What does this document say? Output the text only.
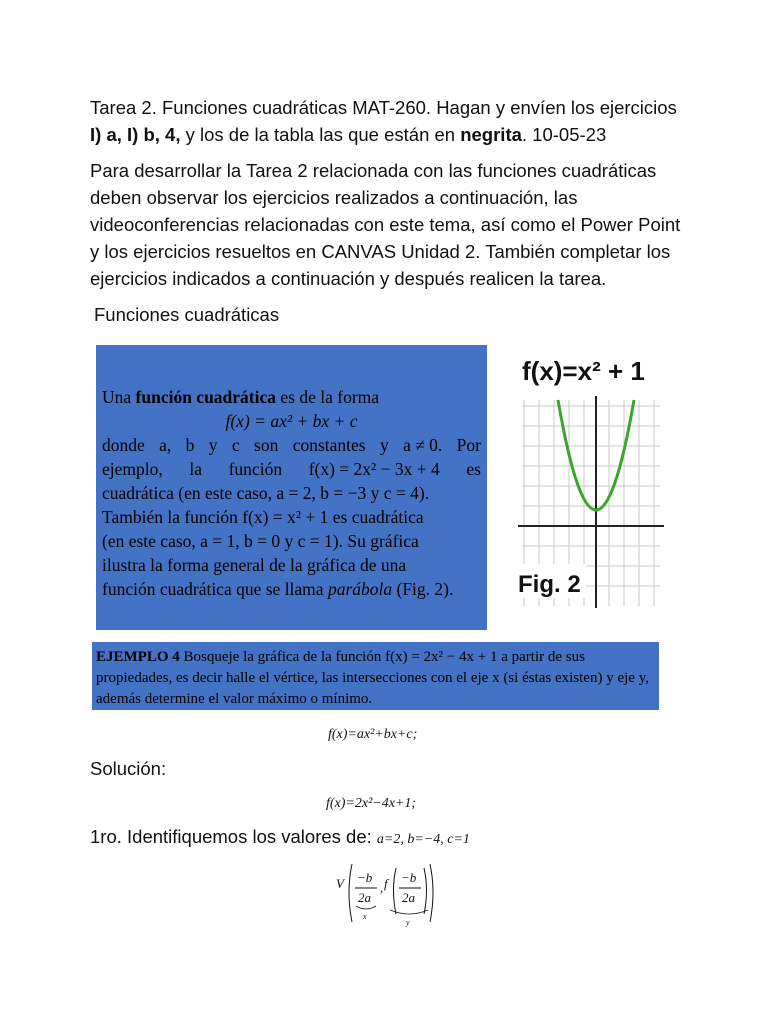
Tarea 2. Funciones cuadráticas MAT-260. Hagan y envíen los ejercicios
I) a, I) b, 4, y los de la tabla las que están en negrita. 10-05-23
Para desarrollar la Tarea 2 relacionada con las funciones cuadráticas deben observar los ejercicios realizados a continuación, las videoconferencias relacionadas con este tema, así como el Power Point y los ejercicios resueltos en CANVAS Unidad 2. También completar los ejercicios indicados a continuación y después realicen la tarea.
Funciones cuadráticas
Una función cuadrática es de la forma
f(x) = ax² + bx + c
donde a, b y c son constantes y a ≠ 0. Por
ejemplo, la función f(x) = 2x² − 3x + 4 es
cuadrática (en este caso, a = 2, b = −3 y c = 4).
También la función f(x) = x² + 1 es cuadrática
(en este caso, a = 1, b = 0 y c = 1). Su gráfica
ilustra la forma general de la gráfica de una
función cuadrática que se llama parábola (Fig. 2).
f(x)=x² + 1
Fig. 2
EJEMPLO 4 Bosqueje la gráfica de la función f(x) = 2x² − 4x + 1 a partir de sus propiedades, es decir halle el vértice, las intersecciones con el eje x (si éstas existen) y eje y, además determine el valor máximo o mínimo.
f(x)=ax²+bx+c;
Solución:
f(x)=2x²−4x+1;
1ro. Identifiquemos los valores de: a=2, b=−4, c=1
V −b
2a
x
, f −b
2a
y
